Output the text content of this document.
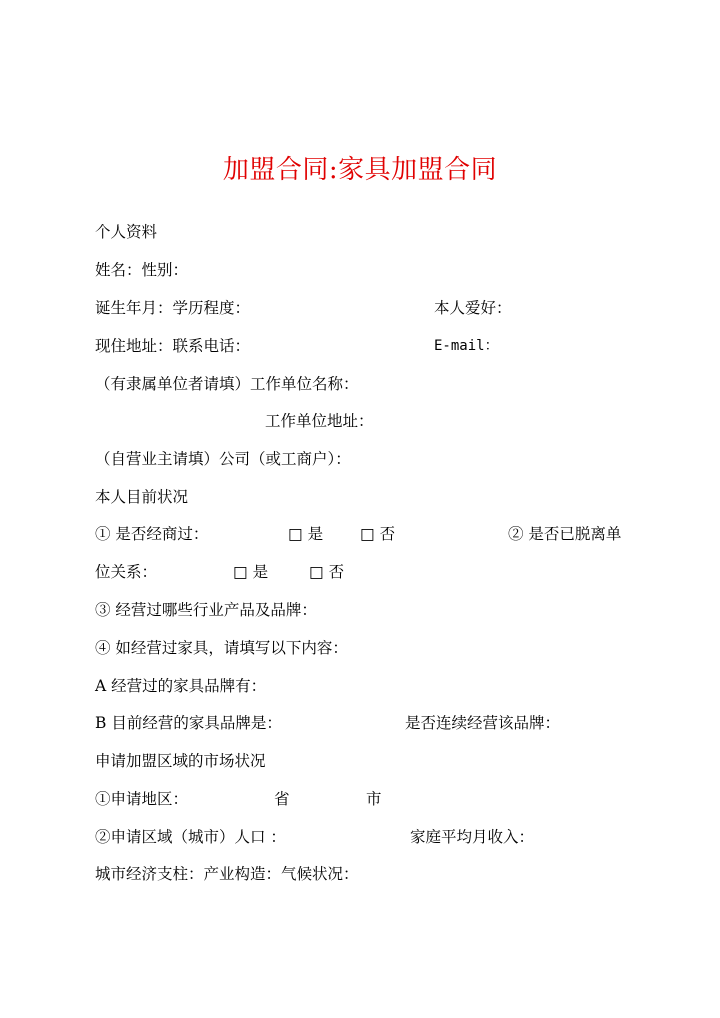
加盟合同:家具加盟合同
个人资料
姓名：性别：
诞生年月：学历程度：	本人爱好：
现住地址：联系电话：	E-mail：
（有隶属单位者请填）工作单位名称：
工作单位地址：
（自营业主请填）公司（或工商户）：
本人目前状况
① 是否经商过：	□ 是 □ 否	② 是否已脱离单
位关系：	□ 是	□ 否
③ 经营过哪些行业产品及品牌：
④ 如经营过家具，请填写以下内容：
A 经营过的家具品牌有：
B 目前经营的家具品牌是：	是否连续经营该品牌：
申请加盟区域的市场状况
①申请地区：	省	市
②申请区域（城市）人口 ：	家庭平均月收入：
城市经济支柱：产业构造：气候状况：
